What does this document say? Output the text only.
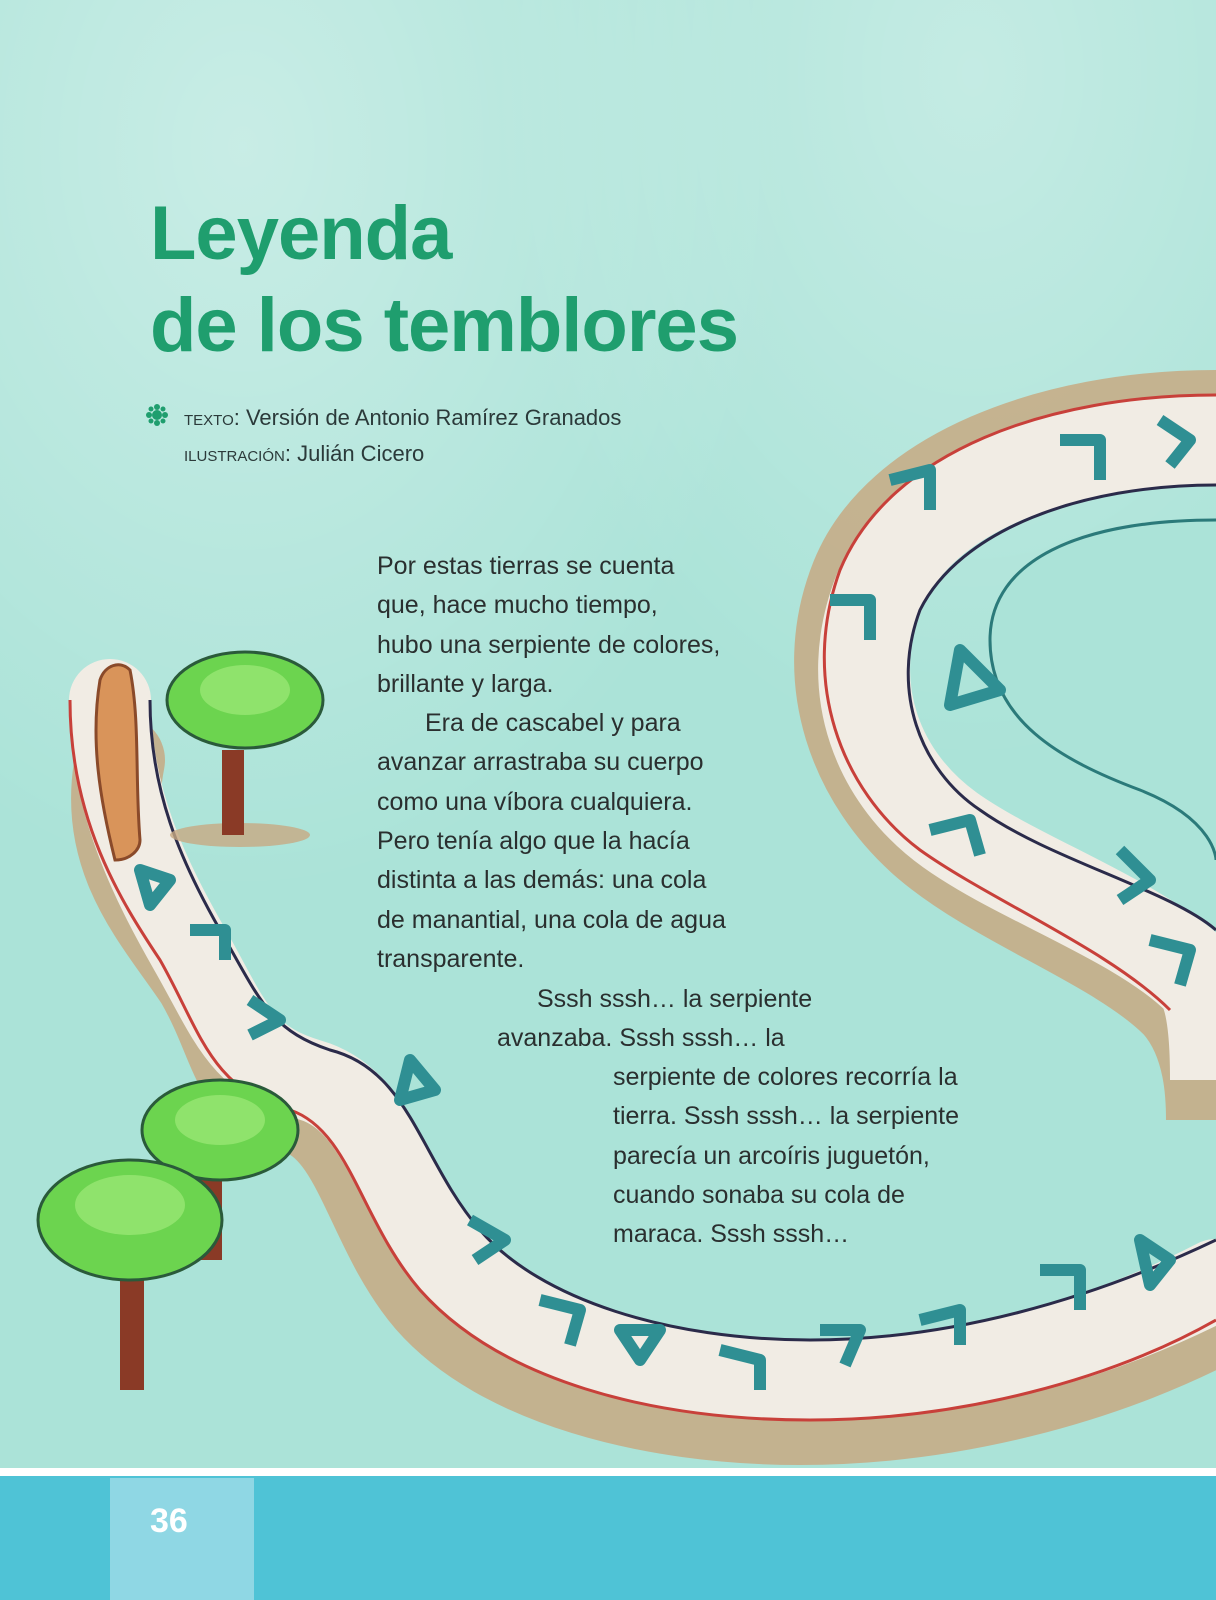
Leyenda
de los temblores
texto: Versión de Antonio Ramírez Granados
ilustración: Julián Cicero
Por estas tierras se cuenta
que, hace mucho tiempo,
hubo una serpiente de colores,
brillante y larga.
Era de cascabel y para
avanzar arrastraba su cuerpo
como una víbora cualquiera.
Pero tenía algo que la hacía
distinta a las demás: una cola
de manantial, una cola de agua
transparente.
Sssh sssh… la serpiente
avanzaba. Sssh sssh… la
serpiente de colores recorría la
tierra. Sssh sssh… la serpiente
parecía un arcoíris juguetón,
cuando sonaba su cola de
maraca. Sssh sssh…
36
